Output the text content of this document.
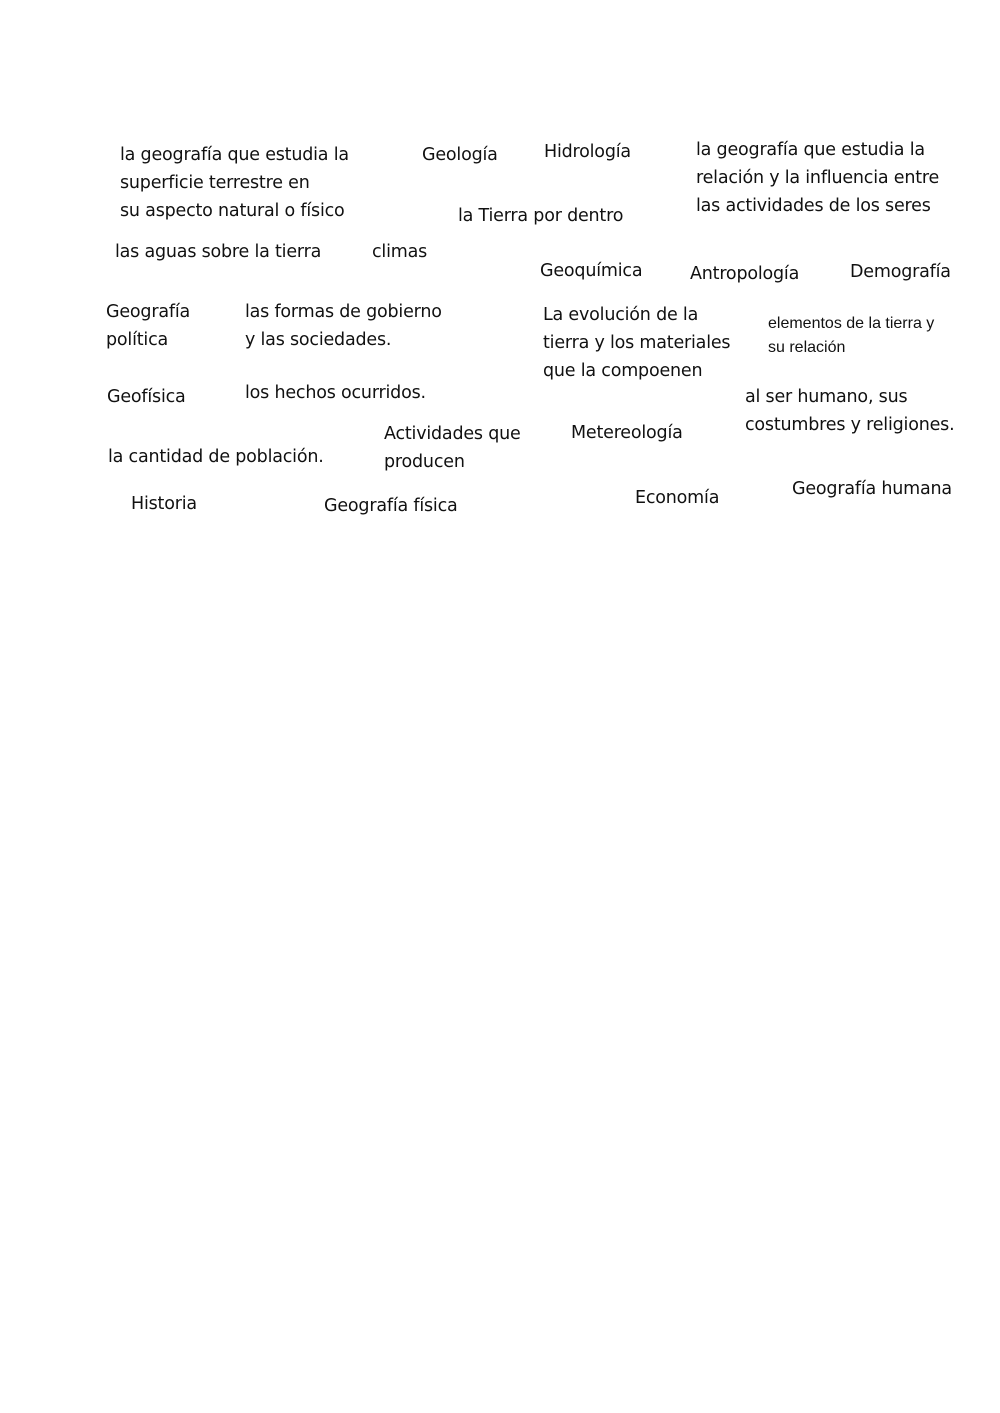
la geografía que estudia la
superficie terrestre en
su aspecto natural o físico
Geología	Hidrología	la geografía que estudia la
relación y la influencia entre
las actividades de los seres
la Tierra por dentro
las aguas sobre la tierra	climas
Geoquímica	Antropología	Demografía
Geografía
política
las formas de gobierno
y las sociedades.
La evolución de la
tierra y los materiales
que la compoenen
elementos de la tierra y
su relación
Geofísica	los hechos ocurridos.	al ser humano, sus
costumbres y religiones.
Actividades que
producen
Metereología
la cantidad de población.
Historia	Geografía física	Economía	Geografía humana
